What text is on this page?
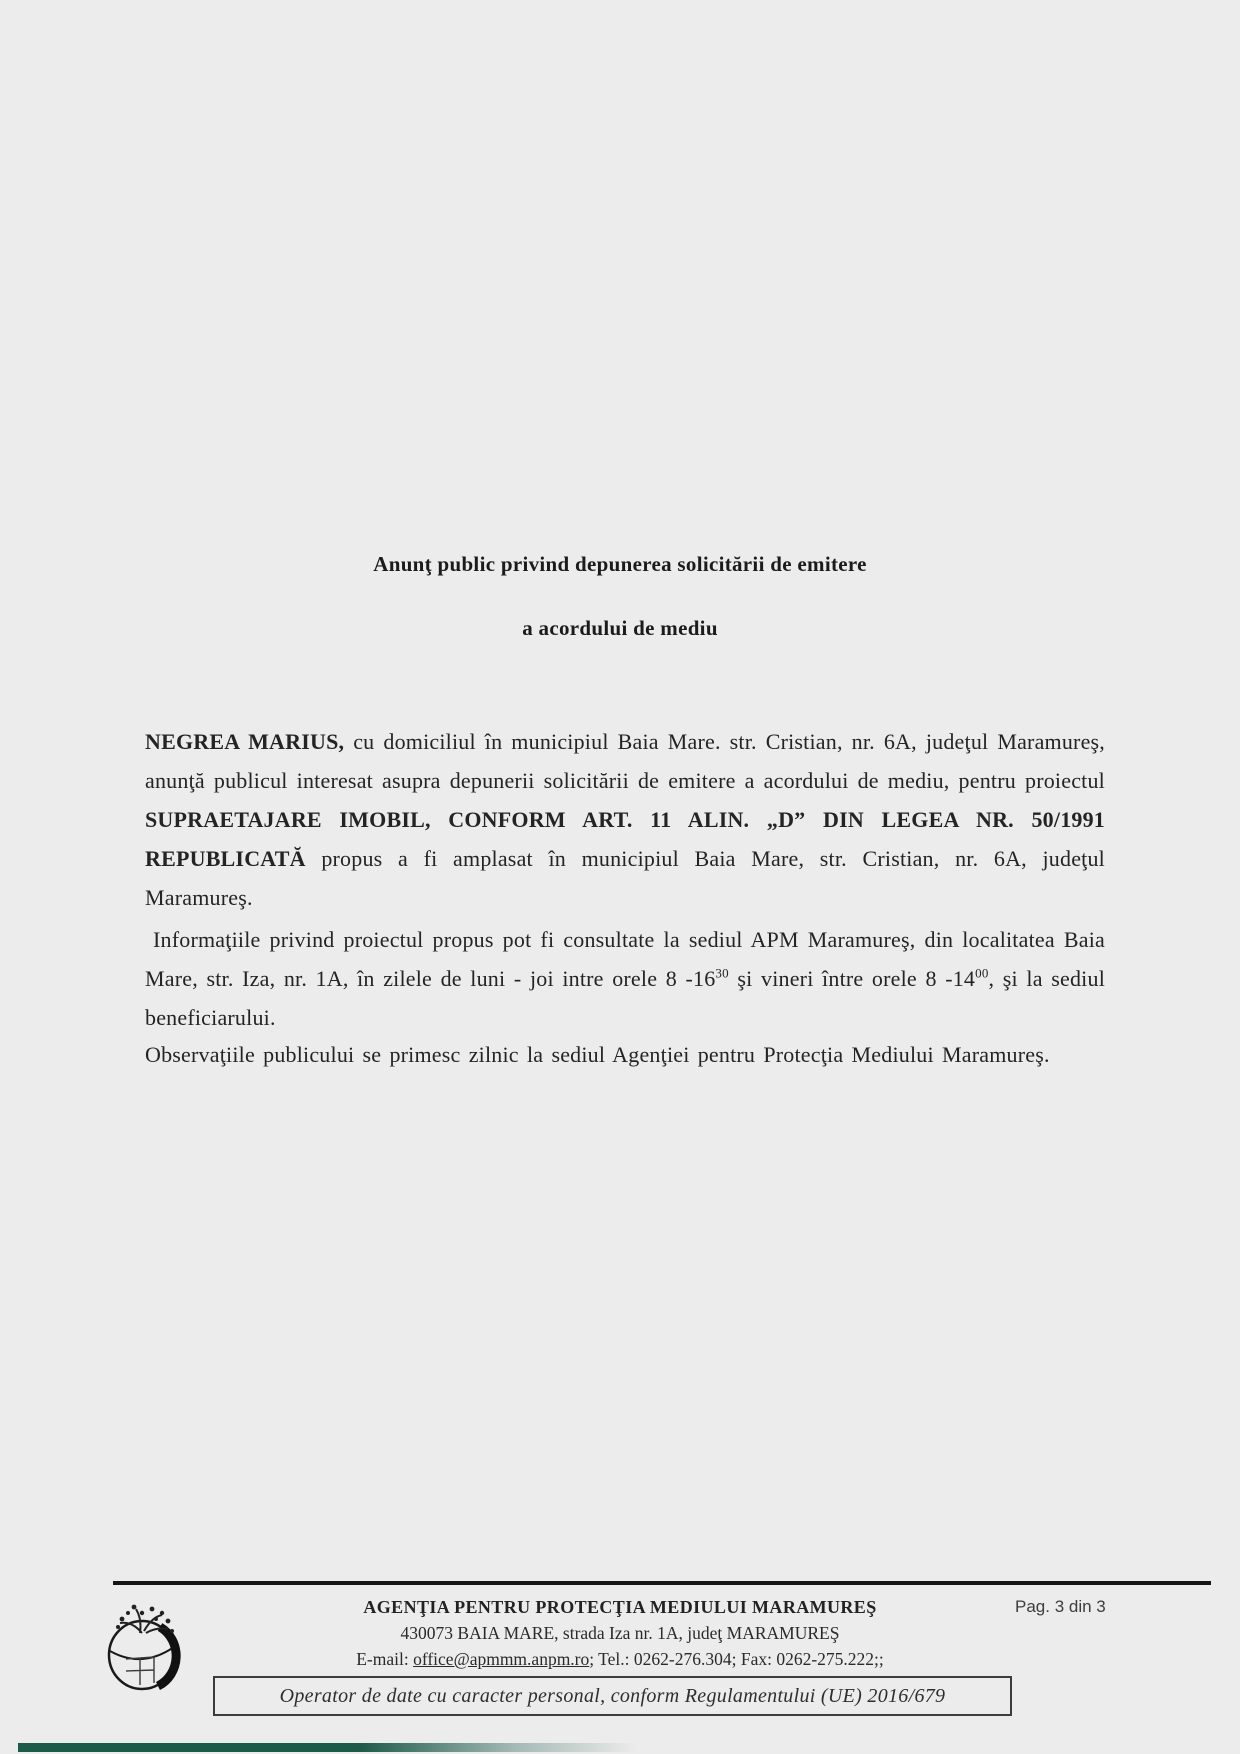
Anunţ public privind depunerea solicitării de emitere
a acordului de mediu

NEGREA MARIUS, cu domiciliul în municipiul Baia Mare. str. Cristian, nr. 6A, judeţul Maramureş, anunţă publicul interesat asupra depunerii solicitării de emitere a acordului de mediu, pentru proiectul SUPRAETAJARE IMOBIL, CONFORM ART. 11 ALIN. „D” DIN LEGEA NR. 50/1991 REPUBLICATĂ propus a fi amplasat în municipiul Baia Mare, str. Cristian, nr. 6A, judeţul Maramureş.

Informaţiile privind proiectul propus pot fi consultate la sediul APM Maramureş, din localitatea Baia Mare, str. Iza, nr. 1A, în zilele de luni - joi intre orele 8 $-16^{30}$ şi vineri între orele 8 $-14^{00}$, şi la sediul beneficiarului.

Observaţiile publicului se primesc zilnic la sediul Agenţiei pentru Protecţia Mediului Maramureş.

AGENŢIA PENTRU PROTECŢIA MEDIULUI MARAMUREŞ
430073 BAIA MARE, strada Iza nr. 1A, judeţ MARAMUREŞ
E-mail: office@apmmm.anpm.ro; Tel.: 0262-276.304; Fax: 0262-275.222;;
Pag. 3 din 3
Operator de date cu caracter personal, conform Regulamentului (UE) 2016/679
